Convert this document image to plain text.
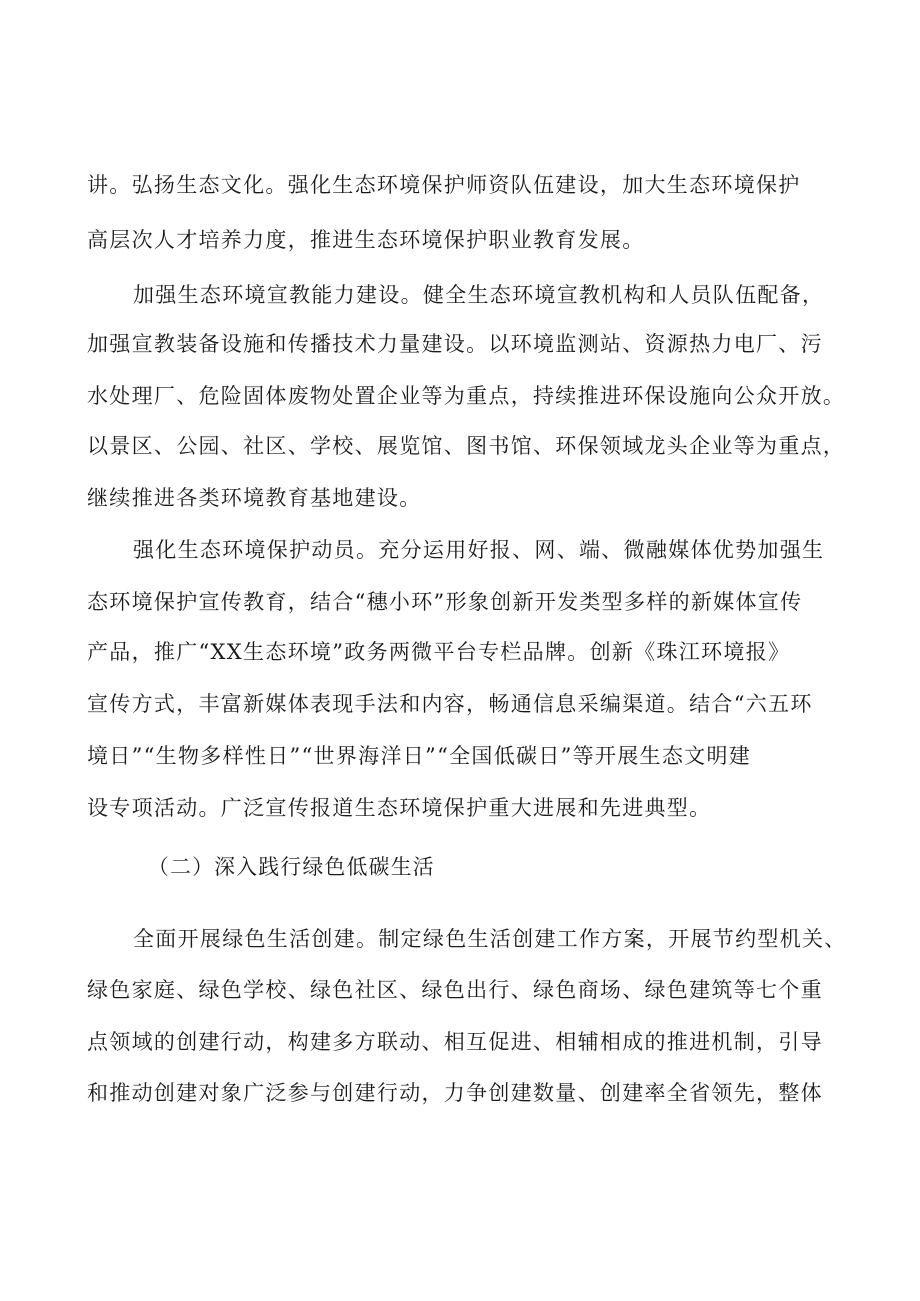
讲。弘扬生态文化。强化生态环境保护师资队伍建设，加大生态环境保护
高层次人才培养力度，推进生态环境保护职业教育发展。
加强生态环境宣教能力建设。健全生态环境宣教机构和人员队伍配备，
加强宣教装备设施和传播技术力量建设。以环境监测站、资源热力电厂、污
水处理厂、危险固体废物处置企业等为重点，持续推进环保设施向公众开放。
以景区、公园、社区、学校、展览馆、图书馆、环保领域龙头企业等为重点，
继续推进各类环境教育基地建设。
强化生态环境保护动员。充分运用好报、网、端、微融媒体优势加强生
态环境保护宣传教育，结合“穗小环”形象创新开发类型多样的新媒体宣传
产品，推广“XX生态环境”政务两微平台专栏品牌。创新《珠江环境报》
宣传方式，丰富新媒体表现手法和内容，畅通信息采编渠道。结合“六五环
境日”“生物多样性日”“世界海洋日”“全国低碳日”等开展生态文明建
设专项活动。广泛宣传报道生态环境保护重大进展和先进典型。
（二）深入践行绿色低碳生活
全面开展绿色生活创建。制定绿色生活创建工作方案，开展节约型机关、
绿色家庭、绿色学校、绿色社区、绿色出行、绿色商场、绿色建筑等七个重
点领域的创建行动，构建多方联动、相互促进、相辅相成的推进机制，引导
和推动创建对象广泛参与创建行动，力争创建数量、创建率全省领先，整体
